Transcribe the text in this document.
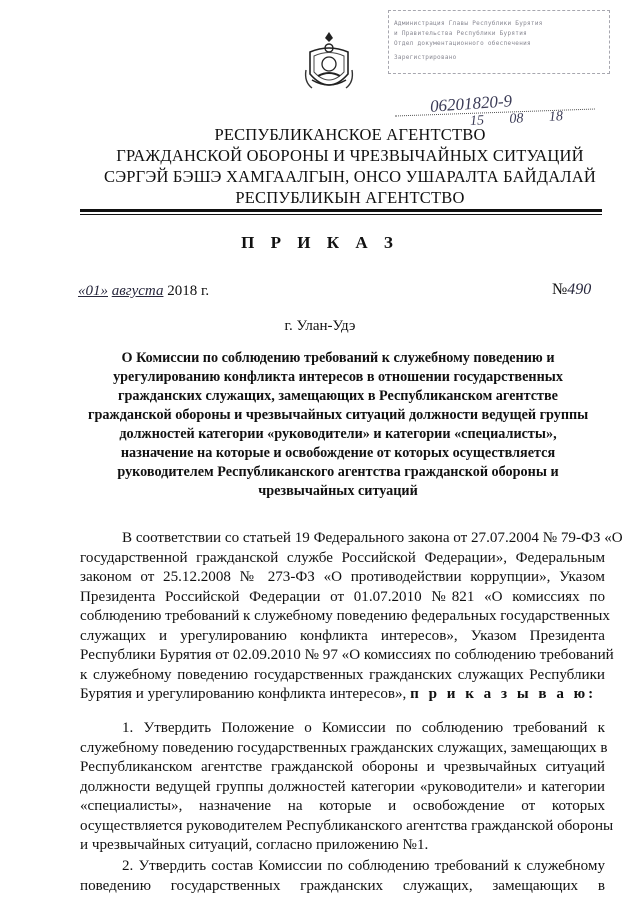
Администрация Главы Республики Бурятия
и Правительства Республики Бурятия
Отдел документационного обеспечения
Зарегистрировано
06201820-9
15 08 18
РЕСПУБЛИКАНСКОЕ АГЕНТСТВО
ГРАЖДАНСКОЙ ОБОРОНЫ И ЧРЕЗВЫЧАЙНЫХ СИТУАЦИЙ
СЭРГЭЙ БЭШЭ ХАМГААЛГЫН, ОНСО УШАРАЛТА БАЙДАЛАЙ
РЕСПУБЛИКЫН АГЕНТСТВО
П Р И К А З
«01» августа 2018 г.	№490
г. Улан-Удэ
О Комиссии по соблюдению требований к служебному поведению и
урегулированию конфликта интересов в отношении государственных
гражданских служащих, замещающих в Республиканском агентстве
гражданской обороны и чрезвычайных ситуаций должности ведущей группы
должностей категории «руководители» и категории «специалисты»,
назначение на которые и освобождение от которых осуществляется
руководителем Республиканского агентства гражданской обороны и
чрезвычайных ситуаций
В соответствии со статьей 19 Федерального закона от 27.07.2004 № 79-ФЗ «О
государственной гражданской службе Российской Федерации», Федеральным
законом от 25.12.2008 № 273-ФЗ «О противодействии коррупции», Указом
Президента Российской Федерации от 01.07.2010 №821 «О комиссиях по
соблюдению требований к служебному поведению федеральных государственных
служащих и урегулированию конфликта интересов», Указом Президента
Республики Бурятия от 02.09.2010 № 97 «О комиссиях по соблюдению требований
к служебному поведению государственных гражданских служащих Республики
Бурятия и урегулированию конфликта интересов», п р и к а з ы в а ю:
1. Утвердить Положение о Комиссии по соблюдению требований к
служебному поведению государственных гражданских служащих, замещающих в
Республиканском агентстве гражданской обороны и чрезвычайных ситуаций
должности ведущей группы должностей категории «руководители» и категории
«специалисты», назначение на которые и освобождение от которых
осуществляется руководителем Республиканского агентства гражданской обороны
и чрезвычайных ситуаций, согласно приложению №1.
2. Утвердить состав Комиссии по соблюдению требований к служебному
поведению государственных гражданских служащих, замещающих в
